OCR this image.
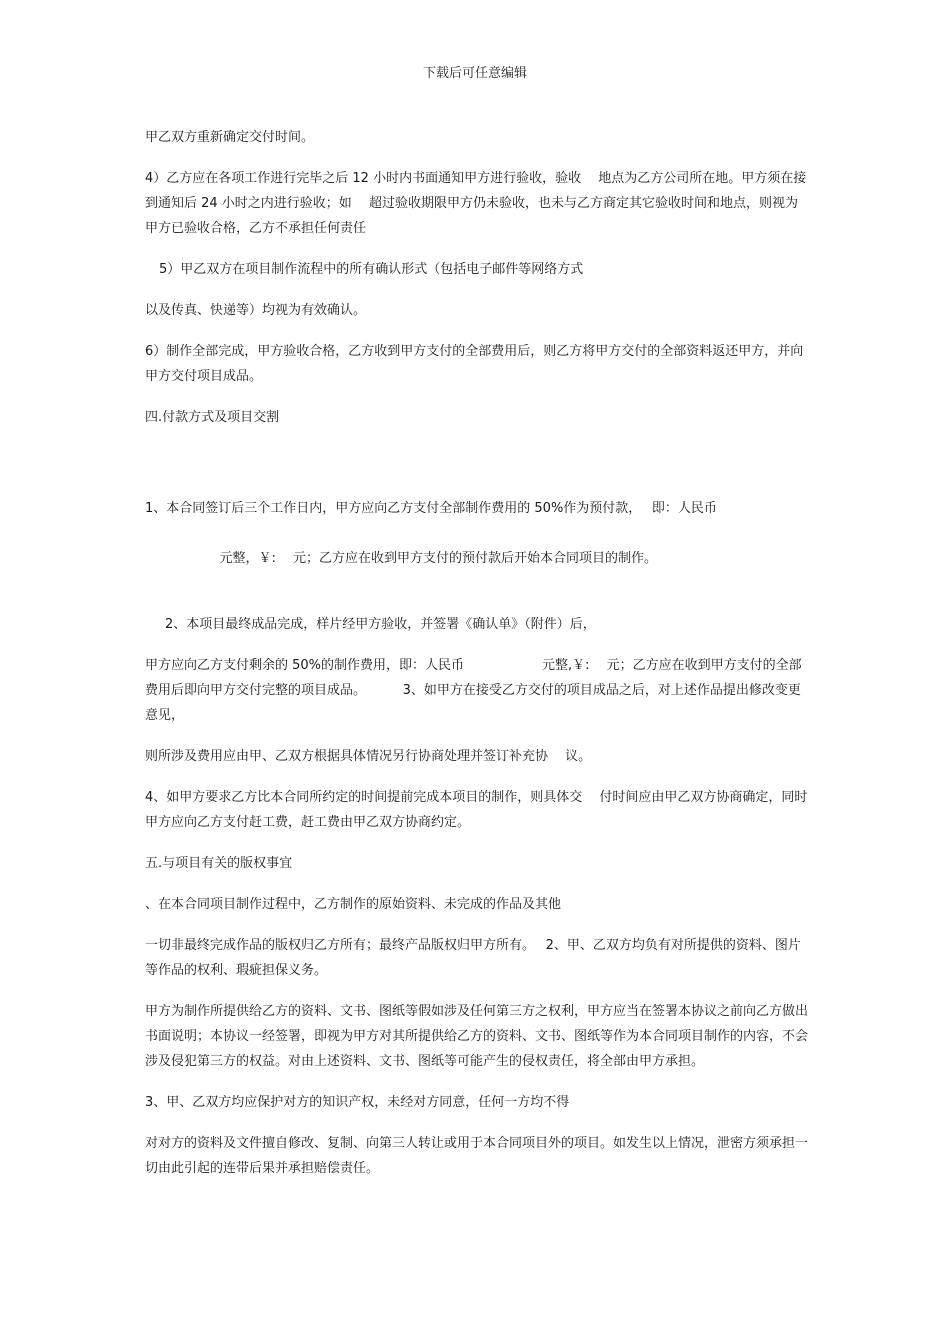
下载后可任意编辑

甲乙双方重新确定交付时间。

4）乙方应在各项工作进行完毕之后 12 小时内书面通知甲方进行验收，验收　 地点为乙方公司所在地。甲方须在接到通知后 24 小时之内进行验收；如　 超过验收期限甲方仍未验收，也未与乙方商定其它验收时间和地点，则视为甲方已验收合格，乙方不承担任何责任

5）甲乙双方在项目制作流程中的所有确认形式（包括电子邮件等网络方式

以及传真、快递等）均视为有效确认。

6）制作全部完成，甲方验收合格，乙方收到甲方支付的全部费用后，则乙方将甲方交付的全部资料返还甲方，并向甲方交付项目成品。

四.付款方式及项目交割

1、本合同签订后三个工作日内，甲方应向乙方支付全部制作费用的 50%作为预付款，　 即：人民币

元整，￥:　 元；乙方应在收到甲方支付的预付款后开始本合同项目的制作。

2、本项目最终成品完成，样片经甲方验收，并签署《确认单》（附件）后，

甲方应向乙方支付剩余的 50%的制作费用，即：人民币　　　　　　元整,￥:　 元；乙方应在收到甲方支付的全部费用后即向甲方交付完整的项目成品。　　　 3、如甲方在接受乙方交付的项目成品之后，对上述作品提出修改变更意见，

则所涉及费用应由甲、乙双方根据具体情况另行协商处理并签订补充协　 议。

4、如甲方要求乙方比本合同所约定的时间提前完成本项目的制作，则具体交　 付时间应由甲乙双方协商确定，同时甲方应向乙方支付赶工费，赶工费由甲乙双方协商约定。

五.与项目有关的版权事宜

、在本合同项目制作过程中，乙方制作的原始资料、未完成的作品及其他

一切非最终完成作品的版权归乙方所有；最终产品版权归甲方所有。　 2、甲、乙双方均负有对所提供的资料、图片等作品的权利、瑕疵担保义务。

甲方为制作所提供给乙方的资料、文书、图纸等假如涉及任何第三方之权利，甲方应当在签署本协议之前向乙方做出书面说明；本协议一经签署，即视为甲方对其所提供给乙方的资料、文书、图纸等作为本合同项目制作的内容，不会涉及侵犯第三方的权益。对由上述资料、文书、图纸等可能产生的侵权责任，将全部由甲方承担。

3、甲、乙双方均应保护对方的知识产权，未经对方同意，任何一方均不得

对对方的资料及文件擅自修改、复制、向第三人转让或用于本合同项目外的项目。如发生以上情况，泄密方须承担一切由此引起的连带后果并承担赔偿责任。
